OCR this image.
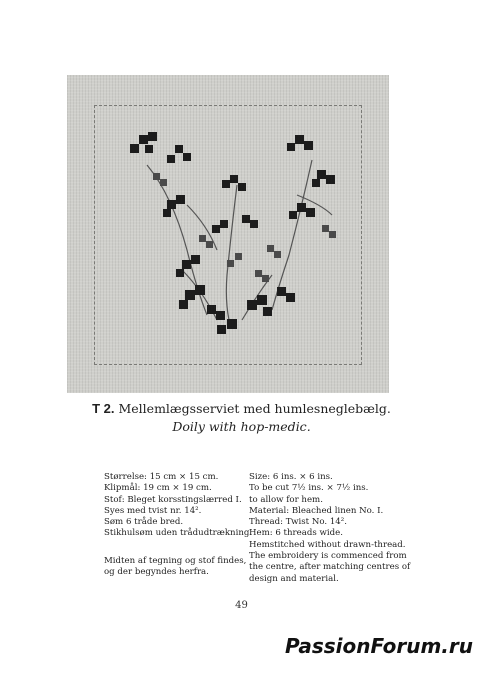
T 2. Mellemlægsserviet med humlesneglebælg.
Doily with hop-medic.
Størrelse: 15 cm × 15 cm.
Klipmål: 19 cm × 19 cm.
Stof: Bleget korsstingslærred I.
Syes med tvist nr. 14².
Søm 6 tråde bred.
Stikhulsøm uden trådudtrækning.
Midten af tegning og stof findes,
og der begyndes herfra.
Size: 6 ins. × 6 ins.
To be cut 7½ ins. × 7½ ins.
to allow for hem.
Material: Bleached linen No. I.
Thread: Twist No. 14².
Hem: 6 threads wide.
Hemstitched without drawn-thread.
The embroidery is commenced from
the centre, after matching centres of
design and material.
49
PassionForum.ru
